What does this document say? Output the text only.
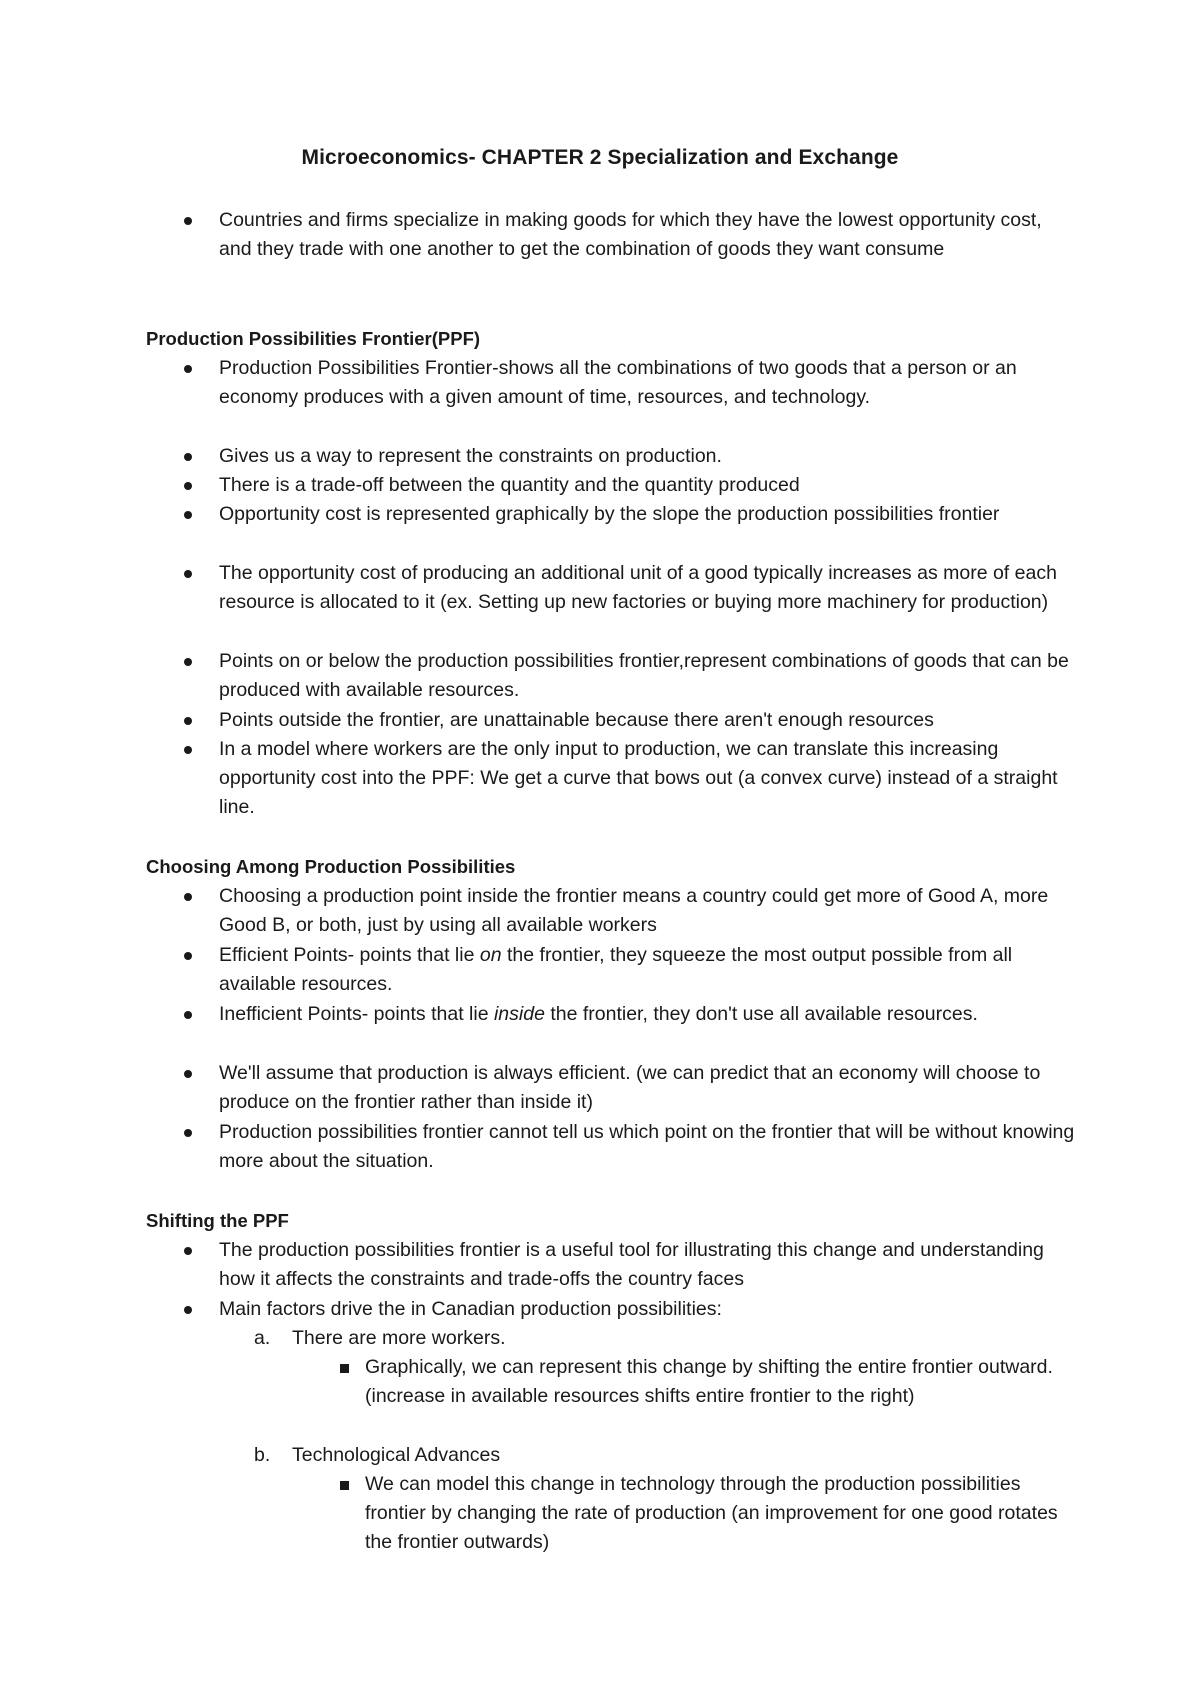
Microeconomics- CHAPTER 2 Specialization and Exchange
Countries and firms specialize in making goods for which they have the lowest opportunity cost, and they trade with one another to get the combination of goods they want consume
Production Possibilities Frontier(PPF)
Production Possibilities Frontier-shows all the combinations of two goods that a person or an economy produces with a given amount of time, resources, and technology.
Gives us a way to represent the constraints on production.
There is a trade-off between the quantity and the quantity produced
Opportunity cost is represented graphically by the slope the production possibilities frontier
The opportunity cost of producing an additional unit of a good typically increases as more of each resource is allocated to it (ex. Setting up new factories or buying more machinery for production)
Points on or below the production possibilities frontier,represent combinations of goods that can be produced with available resources.
Points outside the frontier, are unattainable because there aren't enough resources
In a model where workers are the only input to production, we can translate this increasing opportunity cost into the PPF: We get a curve that bows out (a convex curve) instead of a straight line.
Choosing Among Production Possibilities
Choosing a production point inside the frontier means a country could get more of Good A, more Good B, or both, just by using all available workers
Efficient Points- points that lie on the frontier, they squeeze the most output possible from all available resources.
Inefficient Points- points that lie inside the frontier, they don't use all available resources.
We'll assume that production is always efficient. (we can predict that an economy will choose to produce on the frontier rather than inside it)
Production possibilities frontier cannot tell us which point on the frontier that will be without knowing more about the situation.
Shifting the PPF
The production possibilities frontier is a useful tool for illustrating this change and understanding how it affects the constraints and trade-offs the country faces
Main factors drive the in Canadian production possibilities:
a. There are more workers.
Graphically, we can represent this change by shifting the entire frontier outward. (increase in available resources shifts entire frontier to the right)
b. Technological Advances
We can model this change in technology through the production possibilities frontier by changing the rate of production (an improvement for one good rotates the frontier outwards)
